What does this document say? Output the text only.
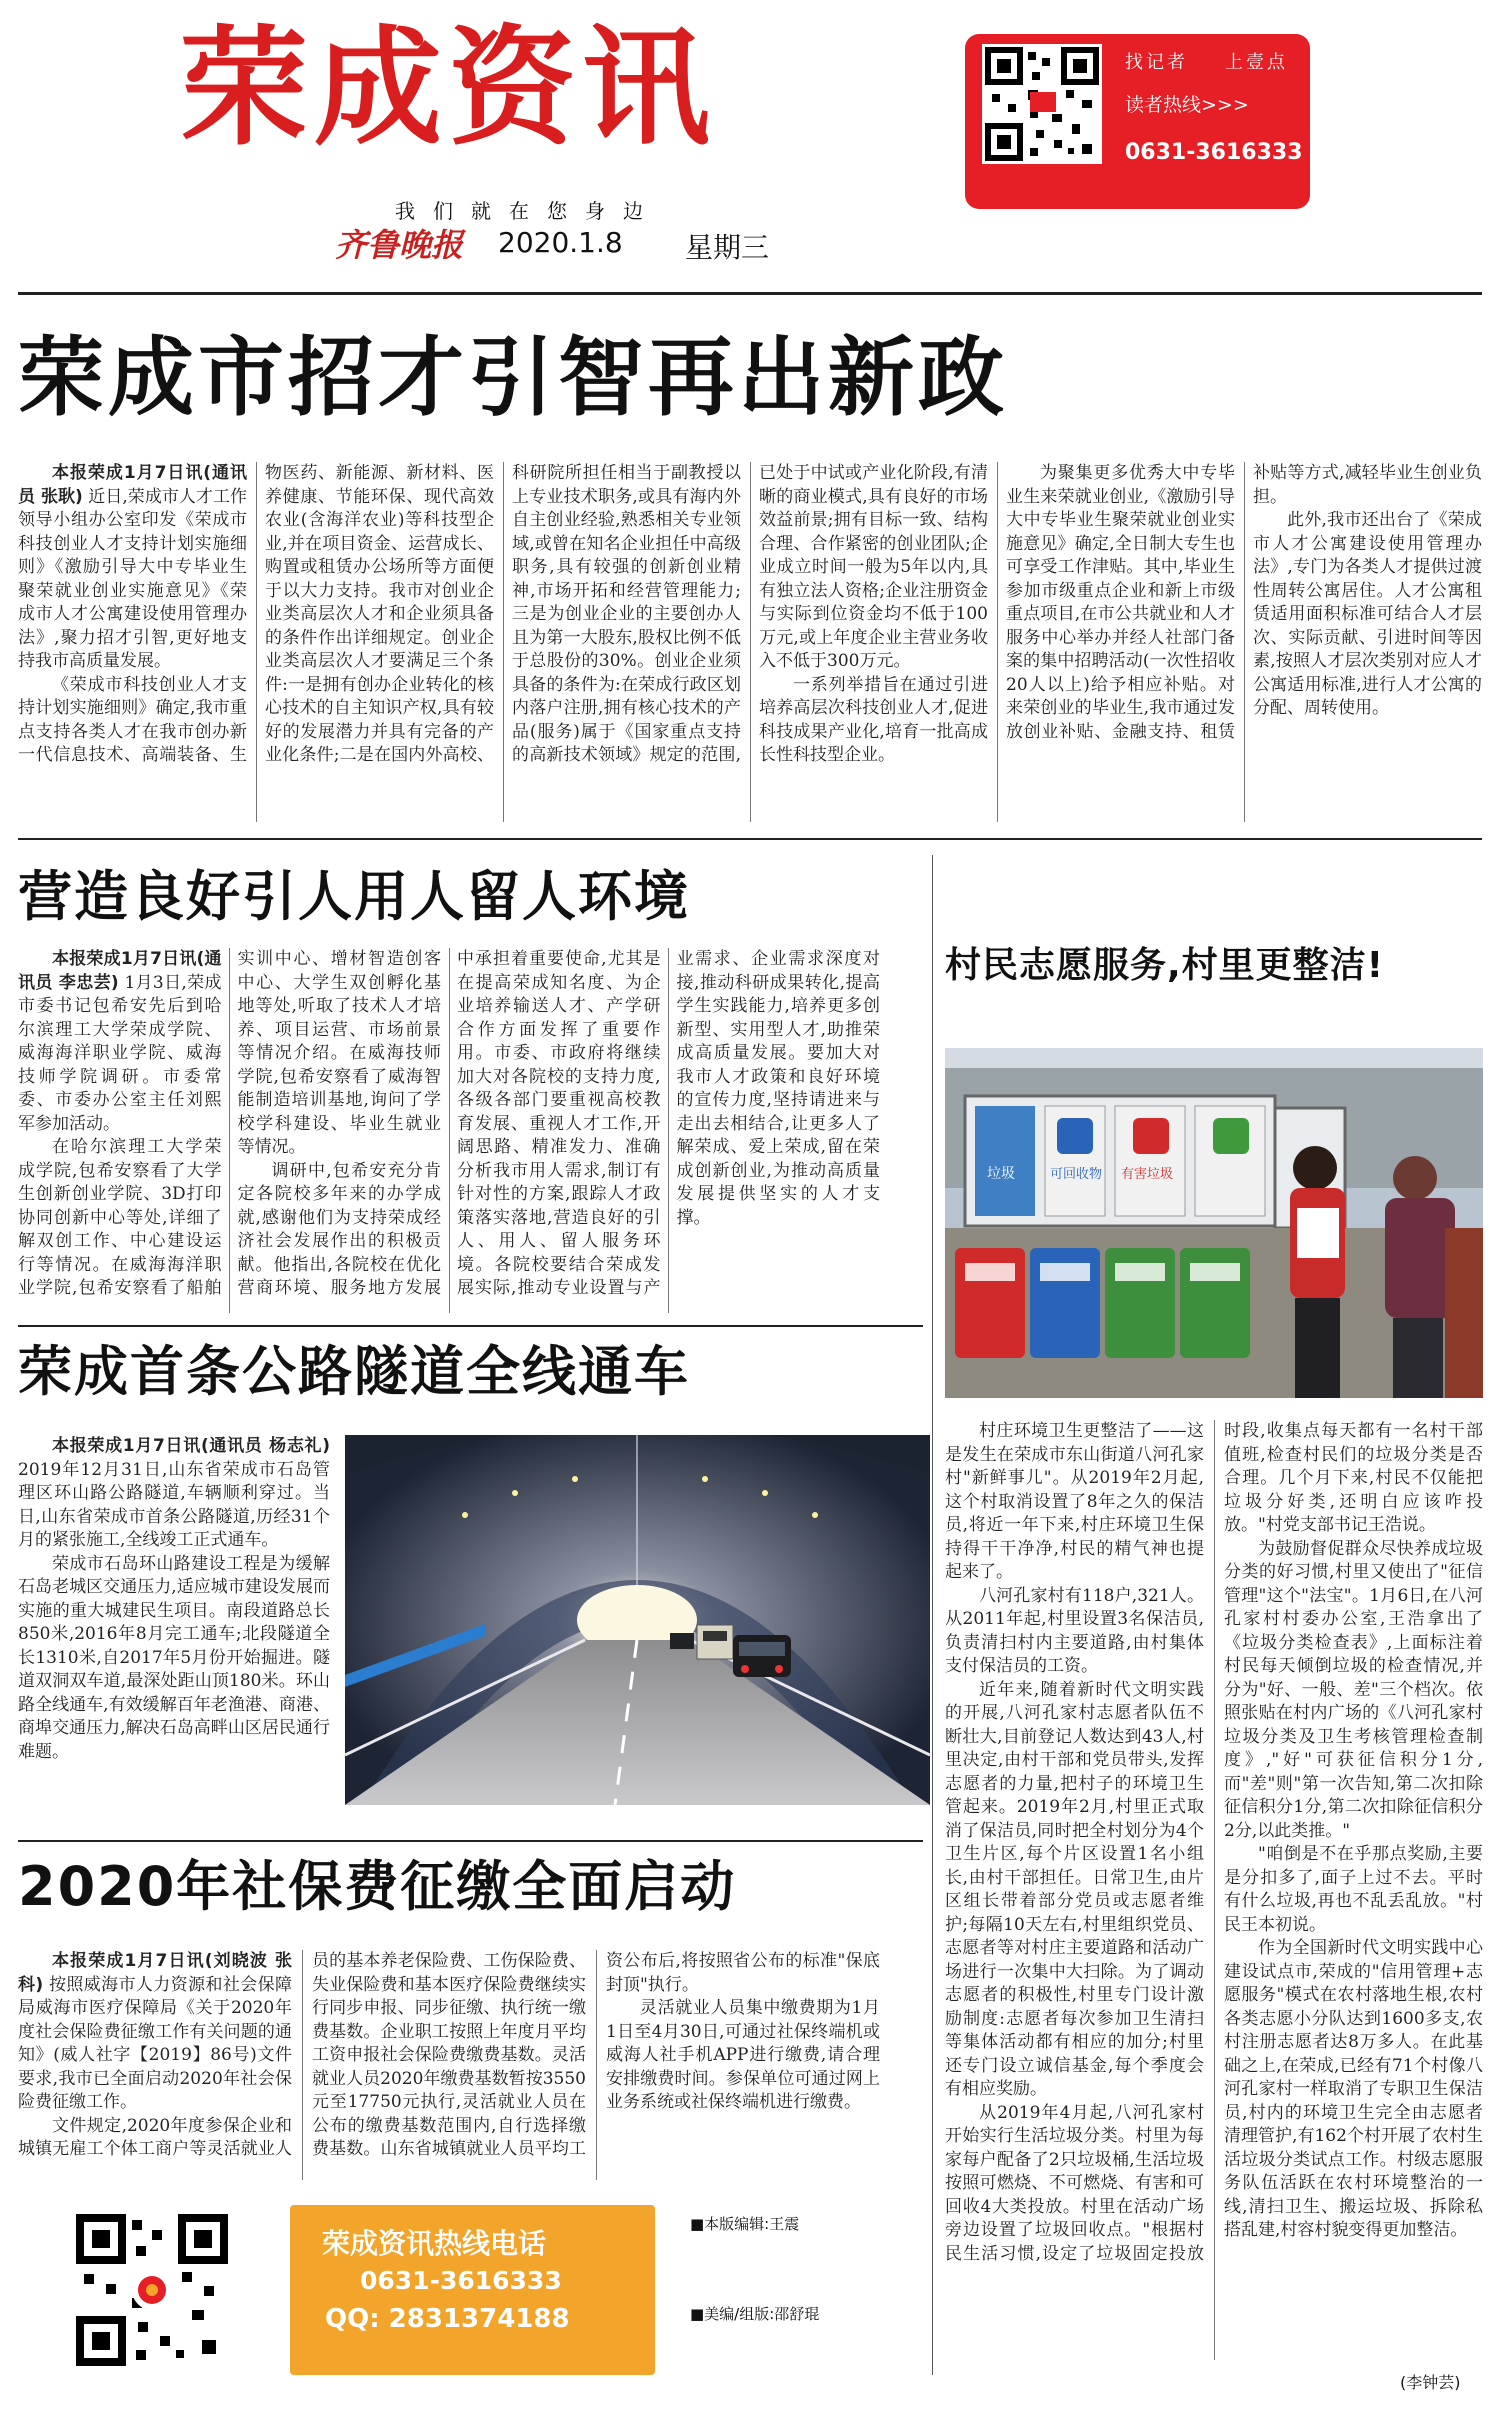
荣成资讯
我们就在您身边
齐鲁晚报 2020.1.8 星期三
找记者 上壹点
读者热线>>>
0631-3616333
荣成市招才引智再出新政

本报荣成1月7日讯(通讯员 张耿) 近日,荣成市人才工作领导小组办公室印发《荣成市科技创业人才支持计划实施细则》《激励引导大中专毕业生聚荣就业创业实施意见》《荣成市人才公寓建设使用管理办法》,聚力招才引智,更好地支持我市高质量发展。

《荣成市科技创业人才支持计划实施细则》确定,我市重点支持各类人才在我市创办新一代信息技术、高端装备、生物医药、新能源、新材料、医养健康、节能环保、现代高效农业(含海洋农业)等科技型企业,并在项目资金、运营成长、购置或租赁办公场所等方面便于以大力支持。我市对创业企业类高层次人才和企业须具备的条件作出详细规定。创业企业类高层次人才要满足三个条件:一是拥有创办企业转化的核心技术的自主知识产权,具有较好的发展潜力并具有完备的产业化条件;二是在国内外高校、科研院所担任相当于副教授以上专业技术职务,或具有海内外自主创业经验,熟悉相关专业领域,或曾在知名企业担任中高级职务,具有较强的创新创业精神,市场开拓和经营管理能力;三是为创业企业的主要创办人且为第一大股东,股权比例不低于总股份的30%。创业企业须具备的条件为:在荣成行政区划内落户注册,拥有核心技术的产品(服务)属于《国家重点支持的高新技术领域》规定的范围,已处于中试或产业化阶段,有清晰的商业模式,具有良好的市场效益前景;拥有目标一致、结构合理、合作紧密的创业团队;企业成立时间一般为5年以内,具有独立法人资格;企业注册资金与实际到位资金均不低于100万元,或上年度企业主营业务收入不低于300万元。

一系列举措旨在通过引进培养高层次科技创业人才,促进科技成果产业化,培育一批高成长性科技型企业。

为聚集更多优秀大中专毕业生来荣就业创业,《激励引导大中专毕业生聚荣就业创业实施意见》确定,全日制大专生也可享受工作津贴。其中,毕业生参加市级重点企业和新上市级重点项目,在市公共就业和人才服务中心举办并经人社部门备案的集中招聘活动(一次性招收20人以上)给予相应补贴。对来荣创业的毕业生,我市通过发放创业补贴、金融支持、租赁补贴等方式,减轻毕业生创业负担。

此外,我市还出台了《荣成市人才公寓建设使用管理办法》,专门为各类人才提供过渡性周转公寓居住。人才公寓租赁适用面积标准可结合人才层次、实际贡献、引进时间等因素,按照人才层次类别对应人才公寓适用标准,进行人才公寓的分配、周转使用。

营造良好引人用人留人环境

本报荣成1月7日讯(通讯员 李忠芸) 1月3日,荣成市委书记包希安先后到哈尔滨理工大学荣成学院、威海海洋职业学院、威海技师学院调研。市委常委、市委办公室主任刘熙军参加活动。

在哈尔滨理工大学荣成学院,包希安察看了大学生创新创业学院、3D打印协同创新中心等处,详细了解双创工作、中心建设运行等情况。在威海海洋职业学院,包希安察看了船舶实训中心、增材智造创客中心、大学生双创孵化基地等处,听取了技术人才培养、项目运营、市场前景等情况介绍。在威海技师学院,包希安察看了威海智能制造培训基地,询问了学校学科建设、毕业生就业等情况。

调研中,包希安充分肯定各院校多年来的办学成就,感谢他们为支持荣成经济社会发展作出的积极贡献。他指出,各院校在优化营商环境、服务地方发展中承担着重要使命,尤其是在提高荣成知名度、为企业培养输送人才、产学研合作方面发挥了重要作用。市委、市政府将继续加大对各院校的支持力度,各级各部门要重视高校教育发展、重视人才工作,开阔思路、精准发力、准确分析我市用人需求,制订有针对性的方案,跟踪人才政策落实落地,营造良好的引人、用人、留人服务环境。各院校要结合荣成发展实际,推动专业设置与产业需求、企业需求深度对接,推动科研成果转化,提高学生实践能力,培养更多创新型、实用型人才,助推荣成高质量发展。要加大对我市人才政策和良好环境的宣传力度,坚持请进来与走出去相结合,让更多人了解荣成、爱上荣成,留在荣成创新创业,为推动高质量发展提供坚实的人才支撑。

荣成首条公路隧道全线通车

本报荣成1月7日讯(通讯员 杨志礼) 2019年12月31日,山东省荣成市石岛管理区环山路公路隧道,车辆顺利穿过。当日,山东省荣成市首条公路隧道,历经31个月的紧张施工,全线竣工正式通车。

荣成市石岛环山路建设工程是为缓解石岛老城区交通压力,适应城市建设发展而实施的重大城建民生项目。南段道路总长850米,2016年8月完工通车;北段隧道全长1310米,自2017年5月份开始掘进。隧道双洞双车道,最深处距山顶180米。环山路全线通车,有效缓解百年老渔港、商港、商埠交通压力,解决石岛高畔山区居民通行难题。

2020年社保费征缴全面启动

本报荣成1月7日讯(刘晓波 张科) 按照威海市人力资源和社会保障局威海市医疗保障局《关于2020年度社会保险费征缴工作有关问题的通知》(威人社字【2019】86号)文件要求,我市已全面启动2020年社会保险费征缴工作。

文件规定,2020年度参保企业和城镇无雇工个体工商户等灵活就业人员的基本养老保险费、工伤保险费、失业保险费和基本医疗保险费继续实行同步申报、同步征缴、执行统一缴费基数。企业职工按照上年度月平均工资申报社会保险费缴费基数。灵活就业人员2020年缴费基数暂按3550元至17750元执行,灵活就业人员在公布的缴费基数范围内,自行选择缴费基数。山东省城镇就业人员平均工资公布后,将按照省公布的标准"保底封顶"执行。

灵活就业人员集中缴费期为1月1日至4月30日,可通过社保终端机或威海人社手机APP进行缴费,请合理安排缴费时间。参保单位可通过网上业务系统或社保终端机进行缴费。

村民志愿服务,村里更整洁!
垃圾	可回收物 有害垃圾

村庄环境卫生更整洁了——这是发生在荣成市东山街道八河孔家村"新鲜事儿"。从2019年2月起,这个村取消设置了8年之久的保洁员,将近一年下来,村庄环境卫生保持得干干净净,村民的精气神也提起来了。

八河孔家村有118户,321人。从2011年起,村里设置3名保洁员,负责清扫村内主要道路,由村集体支付保洁员的工资。

近年来,随着新时代文明实践的开展,八河孔家村志愿者队伍不断壮大,目前登记人数达到43人,村里决定,由村干部和党员带头,发挥志愿者的力量,把村子的环境卫生管起来。2019年2月,村里正式取消了保洁员,同时把全村划分为4个卫生片区,每个片区设置1名小组长,由村干部担任。日常卫生,由片区组长带着部分党员或志愿者维护;每隔10天左右,村里组织党员、志愿者等对村庄主要道路和活动广场进行一次集中大扫除。为了调动志愿者的积极性,村里专门设计激励制度:志愿者每次参加卫生清扫等集体活动都有相应的加分;村里还专门设立诚信基金,每个季度会有相应奖励。

从2019年4月起,八河孔家村开始实行生活垃圾分类。村里为每家每户配备了2只垃圾桶,生活垃圾按照可燃烧、不可燃烧、有害和可回收4大类投放。村里在活动广场旁边设置了垃圾回收点。"根据村民生活习惯,设定了垃圾固定投放时段,收集点每天都有一名村干部值班,检查村民们的垃圾分类是否合理。几个月下来,村民不仅能把垃圾分好类,还明白应该咋投放。"村党支部书记王浩说。

为鼓励督促群众尽快养成垃圾分类的好习惯,村里又使出了"征信管理"这个"法宝"。1月6日,在八河孔家村村委办公室,王浩拿出了《垃圾分类检查表》,上面标注着村民每天倾倒垃圾的检查情况,并分为"好、一般、差"三个档次。依照张贴在村内广场的《八河孔家村垃圾分类及卫生考核管理检查制度》,"好"可获征信积分1分,而"差"则"第一次告知,第二次扣除征信积分1分,第二次扣除征信积分2分,以此类推。"

"咱倒是不在乎那点奖励,主要是分扣多了,面子上过不去。平时有什么垃圾,再也不乱丢乱放。"村民王本初说。

作为全国新时代文明实践中心建设试点市,荣成的"信用管理+志愿服务"模式在农村落地生根,农村各类志愿小分队达到1600多支,农村注册志愿者达8万多人。在此基础之上,在荣成,已经有71个村像八河孔家村一样取消了专职卫生保洁员,村内的环境卫生完全由志愿者清理管护,有162个村开展了农村生活垃圾分类试点工作。村级志愿服务队伍活跃在农村环境整治的一线,清扫卫生、搬运垃圾、拆除私搭乱建,村容村貌变得更加整洁。

(李钟芸)
荣成资讯热线电话
0631-3616333
QQ: 2831374188
■本版编辑:王震
■美编/组版:邵舒琨
